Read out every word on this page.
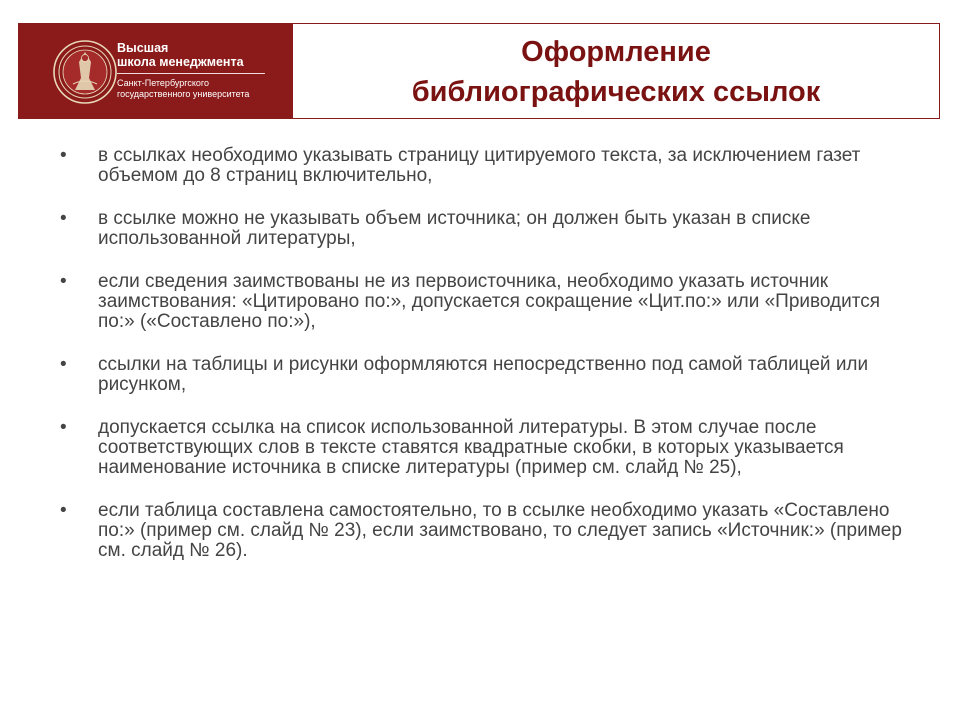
Высшая
школа менеджмента
Санкт-Петербургского
государственного университета
Оформление
библиографических ссылок
• в ссылках необходимо указывать страницу цитируемого текста, за исключением газет объемом до 8 страниц включительно,
• в ссылке можно не указывать объем источника; он должен быть указан в списке использованной литературы,
• если сведения заимствованы не из первоисточника, необходимо указать источник заимствования: «Цитировано по:», допускается сокращение «Цит.по:» или «Приводится по:» («Составлено по:»),
• ссылки на таблицы и рисунки оформляются непосредственно под самой таблицей или рисунком,
• допускается ссылка на список использованной литературы. В этом случае после соответствующих слов в тексте ставятся квадратные скобки, в которых указывается наименование источника в списке литературы (пример см. слайд № 25),
• если таблица составлена самостоятельно, то в ссылке необходимо указать «Составлено по:» (пример см. слайд № 23), если заимствовано, то следует запись «Источник:» (пример см. слайд № 26).
